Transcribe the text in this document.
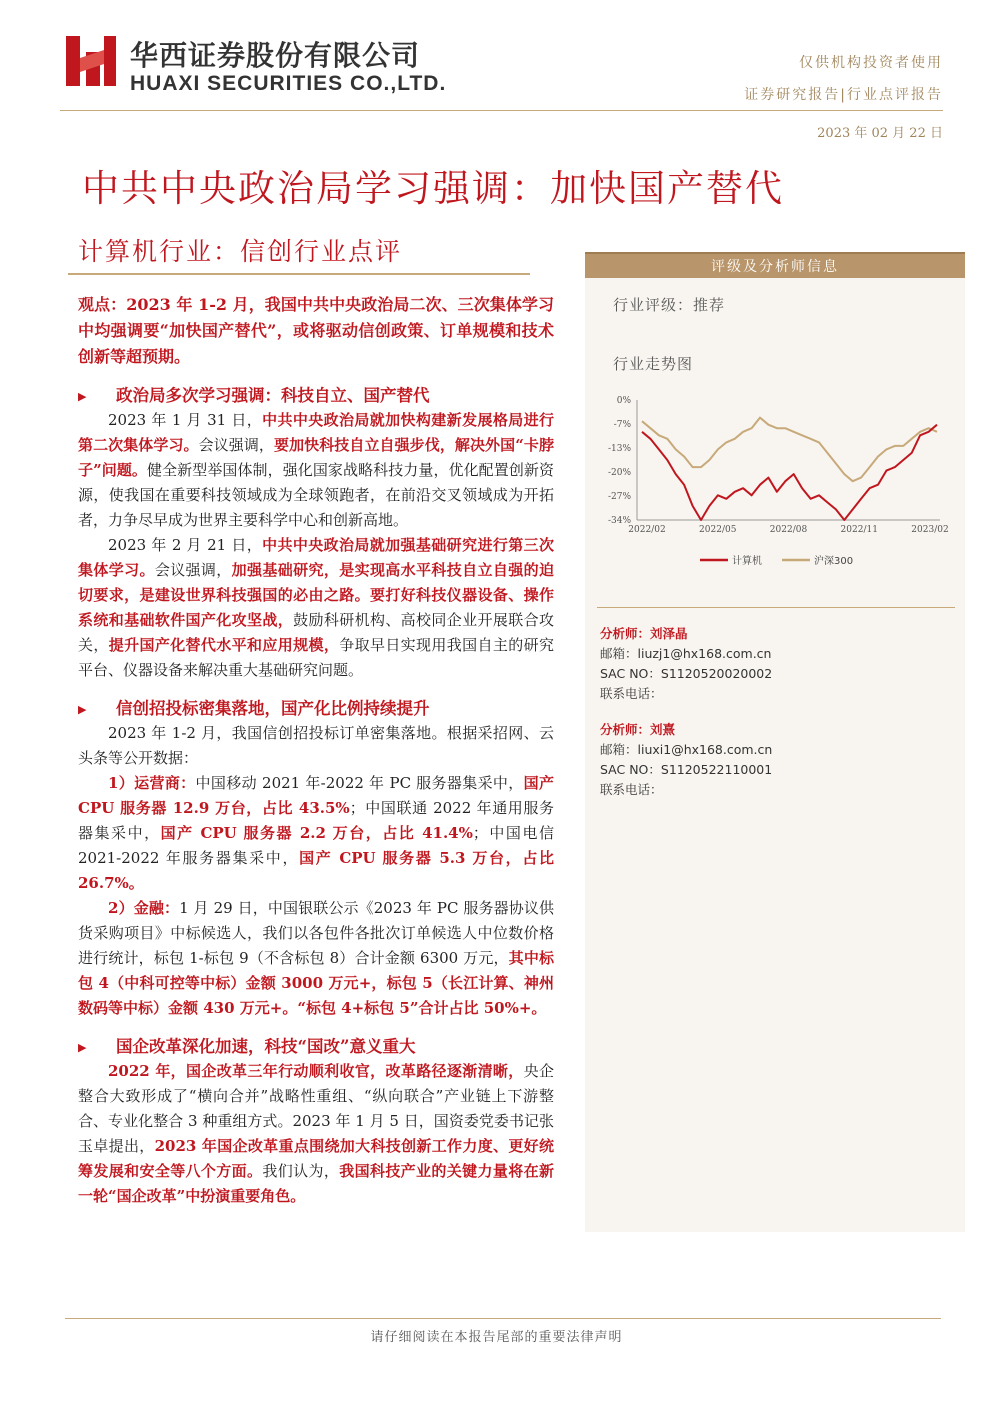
华西证券股份有限公司
HUAXI SECURITIES CO.,LTD.
仅供机构投资者使用
证券研究报告|行业点评报告
2023 年 02 月 22 日
中共中央政治局学习强调：加快国产替代
计算机行业：信创行业点评

观点：2023 年 1-2 月，我国中共中央政治局二次、三次集体学习中均强调要“加快国产替代”，或将驱动信创政策、订单规模和技术创新等超预期。

▶ 政治局多次学习强调：科技自立、国产替代

2023 年 1 月 31 日，中共中央政治局就加快构建新发展格局进行第二次集体学习。会议强调，要加快科技自立自强步伐，解决外国“卡脖子”问题。健全新型举国体制，强化国家战略科技力量，优化配置创新资源，使我国在重要科技领域成为全球领跑者，在前沿交叉领域成为开拓者，力争尽早成为世界主要科学中心和创新高地。

2023 年 2 月 21 日，中共中央政治局就加强基础研究进行第三次集体学习。会议强调，加强基础研究，是实现高水平科技自立自强的迫切要求，是建设世界科技强国的必由之路。要打好科技仪器设备、操作系统和基础软件国产化攻坚战，鼓励科研机构、高校同企业开展联合攻关，提升国产化替代水平和应用规模，争取早日实现用我国自主的研究平台、仪器设备来解决重大基础研究问题。

▶ 信创招投标密集落地，国产化比例持续提升

2023 年 1-2 月，我国信创招投标订单密集落地。根据采招网、云头条等公开数据：

1）运营商：中国移动 2021 年-2022 年 PC 服务器集采中，国产 CPU 服务器 12.9 万台，占比 43.5%；中国联通 2022 年通用服务器集采中，国产 CPU 服务器 2.2 万台，占比 41.4%；中国电信 2021-2022 年服务器集采中，国产 CPU 服务器 5.3 万台，占比 26.7%。

2）金融：1 月 29 日，中国银联公示《2023 年 PC 服务器协议供货采购项目》中标候选人，我们以各包件各批次订单候选人中位数价格进行统计，标包 1-标包 9（不含标包 8）合计金额 6300 万元，其中标包 4（中科可控等中标）金额 3000 万元+，标包 5（长江计算、神州数码等中标）金额 430 万元+。“标包 4+标包 5”合计占比 50%+。

▶ 国企改革深化加速，科技“国改”意义重大

2022 年，国企改革三年行动顺利收官，改革路径逐渐清晰，央企整合大致形成了“横向合并”战略性重组、“纵向联合”产业链上下游整合、专业化整合 3 种重组方式。2023 年 1 月 5 日，国资委党委书记张玉卓提出，2023 年国企改革重点围绕加大科技创新工作力度、更好统筹发展和安全等八个方面。我们认为，我国科技产业的关键力量将在新一轮“国企改革”中扮演重要角色。

评级及分析师信息
行业评级：推荐
行业走势图
0%
-7%
-13%
-20%
-27%
-34%
2022/02	2022/05	2022/08	2022/11	2023/02
计算机	沪深300
分析师：刘泽晶
邮箱：liuzj1@hx168.com.cn
SAC NO：S1120520020002
联系电话：
分析师：刘熹
邮箱：liuxi1@hx168.com.cn
SAC NO：S1120522110001
联系电话：
请仔细阅读在本报告尾部的重要法律声明
